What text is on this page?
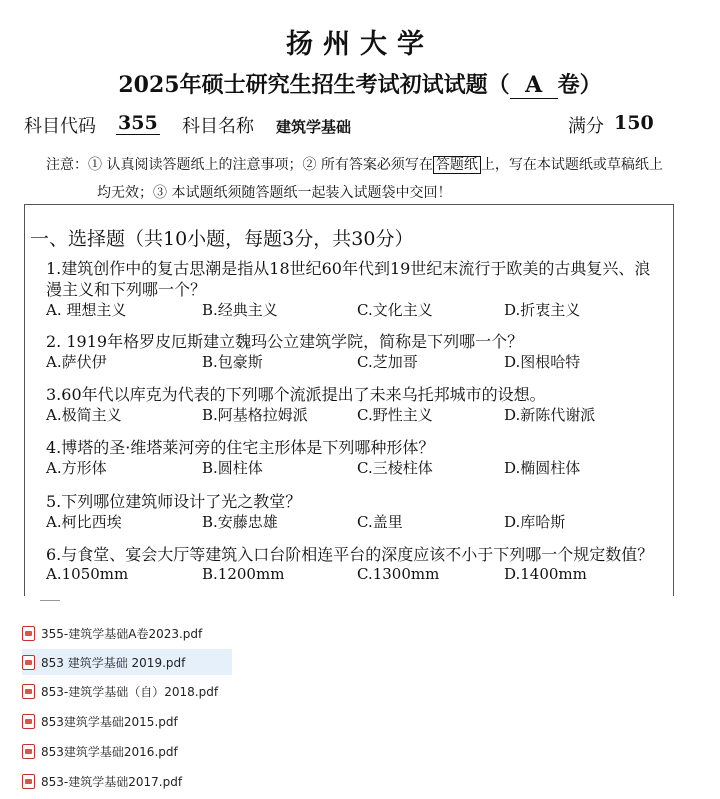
扬州大学
2025年硕士研究生招生考试初试试题（ A 卷）
科目代码 355 科目名称 建筑学基础	满分 150
注意：① 认真阅读答题纸上的注意事项；② 所有答案必须写在 答题纸 上，写在本试题纸或草稿纸上
均无效；③ 本试题纸须随答题纸一起装入试题袋中交回！
一、选择题（共10小题，每题3分，共30分）
1.建筑创作中的复古思潮是指从18世纪60年代到19世纪末流行于欧美的古典复兴、浪
漫主义和下列哪一个？
A. 理想主义	B.经典主义	C.文化主义	D.折衷主义
2. 1919年格罗皮厄斯建立魏玛公立建筑学院，简称是下列哪一个？
A.萨伏伊	B.包豪斯	C.芝加哥	D.图根哈特
3.60年代以库克为代表的下列哪个流派提出了未来乌托邦城市的设想。
A.极简主义	B.阿基格拉姆派	C.野性主义	D.新陈代谢派
4.博塔的圣·维塔莱河旁的住宅主形体是下列哪种形体？
A.方形体	B.圆柱体	C.三棱柱体	D.椭圆柱体
5.下列哪位建筑师设计了光之教堂？
A.柯比西埃	B.安藤忠雄	C.盖里	D.库哈斯
6.与食堂、宴会大厅等建筑入口台阶相连平台的深度应该不小于下列哪一个规定数值？
A.1050mm	B.1200mm	C.1300mm	D.1400mm
355-建筑学基础A卷2023.pdf
853 建筑学基础 2019.pdf
853-建筑学基础（自）2018.pdf
853建筑学基础2015.pdf
853建筑学基础2016.pdf
853-建筑学基础2017.pdf
